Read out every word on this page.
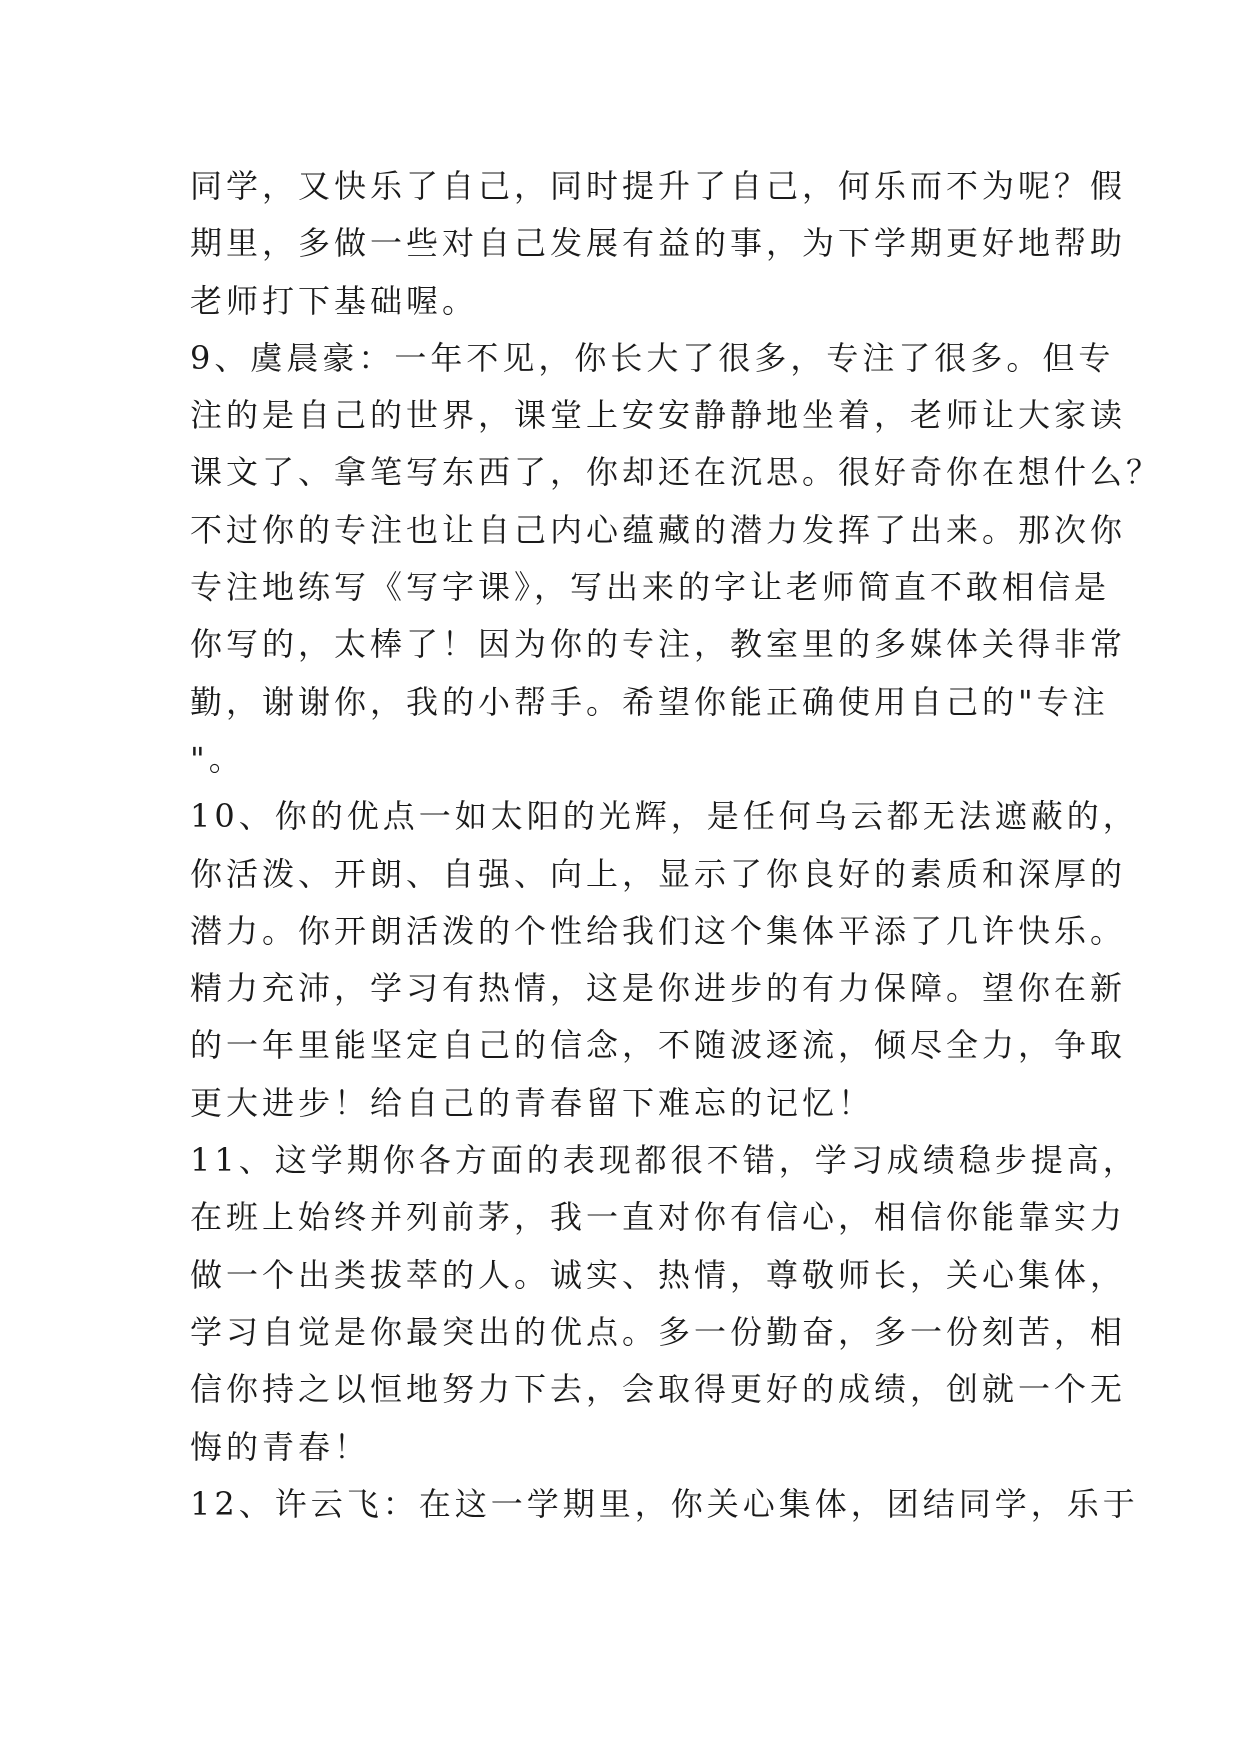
同学，又快乐了自己，同时提升了自己，何乐而不为呢？假
期里，多做一些对自己发展有益的事，为下学期更好地帮助
老师打下基础喔。
9、虞晨豪：一年不见，你长大了很多，专注了很多。但专
注的是自己的世界，课堂上安安静静地坐着，老师让大家读
课文了、拿笔写东西了，你却还在沉思。很好奇你在想什么？
不过你的专注也让自己内心蕴藏的潜力发挥了出来。那次你
专注地练写《写字课》，写出来的字让老师简直不敢相信是
你写的，太棒了！因为你的专注，教室里的多媒体关得非常
勤，谢谢你，我的小帮手。希望你能正确使用自己的"专注
"。
10、你的优点一如太阳的光辉，是任何乌云都无法遮蔽的，
你活泼、开朗、自强、向上，显示了你良好的素质和深厚的
潜力。你开朗活泼的个性给我们这个集体平添了几许快乐。
精力充沛，学习有热情，这是你进步的有力保障。望你在新
的一年里能坚定自己的信念，不随波逐流，倾尽全力，争取
更大进步！给自己的青春留下难忘的记忆！
11、这学期你各方面的表现都很不错，学习成绩稳步提高，
在班上始终并列前茅，我一直对你有信心，相信你能靠实力
做一个出类拔萃的人。诚实、热情，尊敬师长，关心集体，
学习自觉是你最突出的优点。多一份勤奋，多一份刻苦，相
信你持之以恒地努力下去，会取得更好的成绩，创就一个无
悔的青春！
12、许云飞：在这一学期里，你关心集体，团结同学，乐于
